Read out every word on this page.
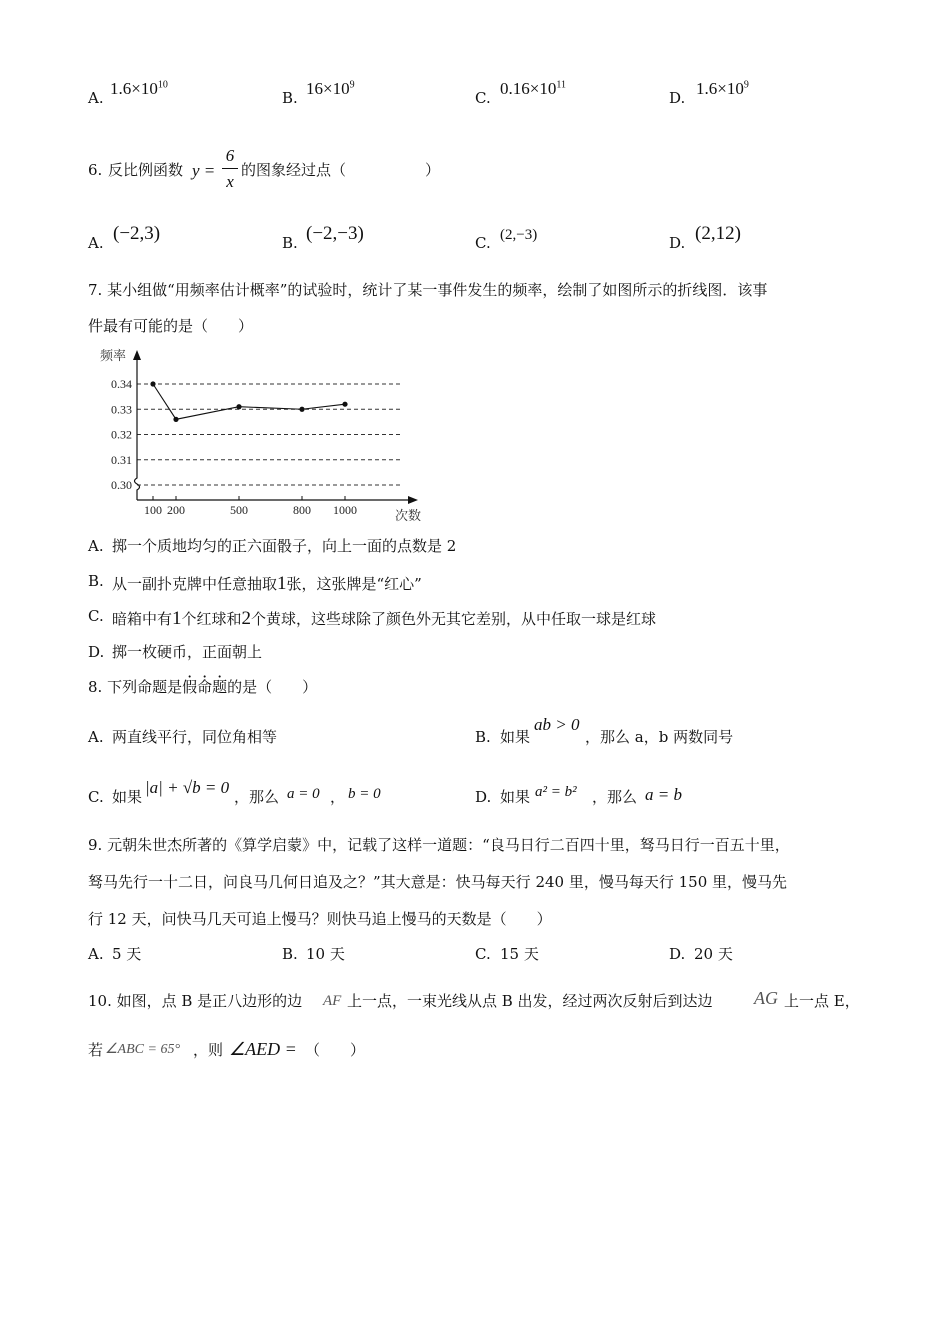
A. $1.6\times 10^{10}$
B. $16\times 10^9$
C. $0.16\times 10^{11}$
D. $1.6\times 10^9$
6. 反比例函数 y =
6
x
的图象经过点（	）
A. (−2,3)	B. (−2,−3)	C. (2,−3)	D. (2,12)
7. 某小组做“用频率估计概率”的试验时，统计了某一事件发生的频率，绘制了如图所示的折线图．该事
件最有可能的是（　　）
0.34
0.33
0.32
0.31
0.30
频率
次数
100 200	500	800 1000
A. 掷一个质地均匀的正六面骰子，向上一面的点数是 2
B. 从一副扑克牌中任意抽取1张，这张牌是“红心”
C. 暗箱中有1个红球和2个黄球，这些球除了颜色外无其它差别，从中任取一球是红球
D. 掷一枚硬币，正面朝上
8. 下列命题是假命题的是（　　）
A. 两直线平行，同位角相等	B. 如果
ab > 0
，那么 a，b 两数同号
C. 如果 |a| + √b = 0 ，那么 a = 0 ， b = 0	D. 如果 a² = b² ，那么 a = b
9. 元朝朱世杰所著的《算学启蒙》中，记载了这样一道题：“良马日行二百四十里，驽马日行一百五十里，
驽马先行一十二日，问良马几何日追及之？”其大意是：快马每天行 240 里，慢马每天行 150 里，慢马先
行 12 天，问快马几天可追上慢马？则快马追上慢马的天数是（　　）
A. 5 天	B. 10 天	C. 15 天	D. 20 天
10. 如图，点 B 是正八边形的边 AF 上一点，一束光线从点 B 出发，经过两次反射后到达边 AG 上一点 E，
若 ∠ABC = 65° ，则 ∠AED = （　　）
